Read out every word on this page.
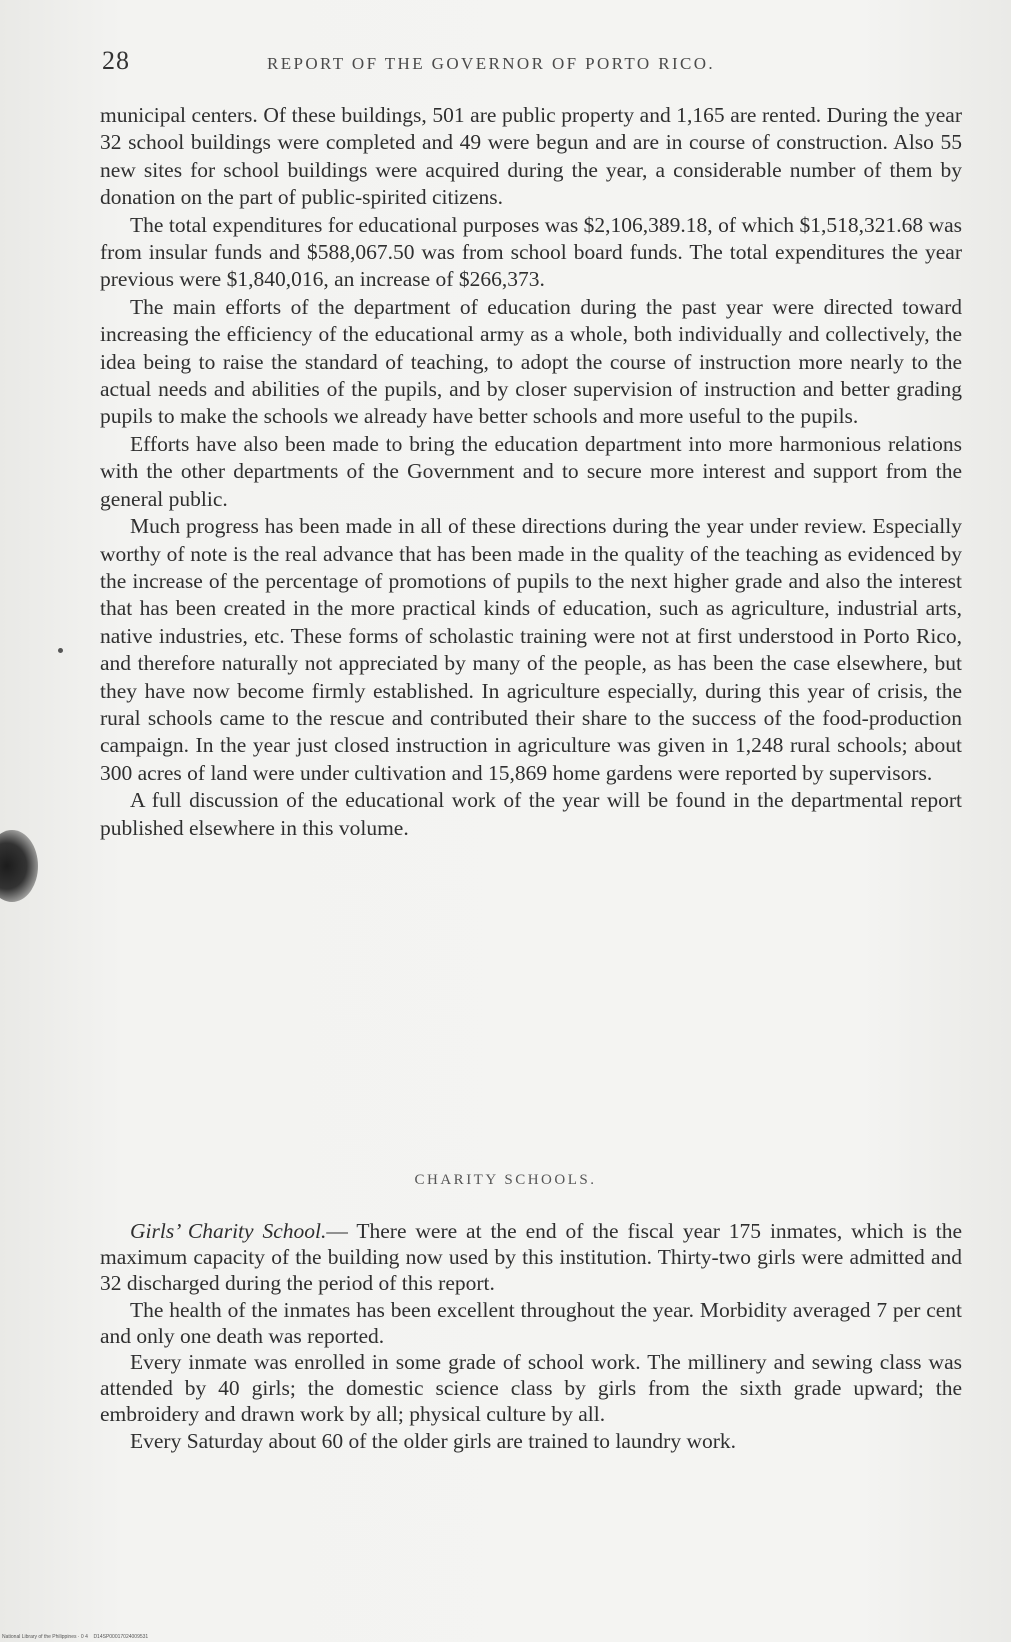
28	REPORT OF THE GOVERNOR OF PORTO RICO.

municipal centers. Of these buildings, 501 are public property and 1,165 are rented. During the year 32 school buildings were completed and 49 were begun and are in course of construction. Also 55 new sites for school buildings were acquired during the year, a considerable number of them by donation on the part of public-spirited citizens.

The total expenditures for educational purposes was $2,106,389.18, of which $1,518,321.68 was from insular funds and $588,067.50 was from school board funds. The total expenditures the year previous were $1,840,016, an increase of $266,373.

The main efforts of the department of education during the past year were directed toward increasing the efficiency of the educational army as a whole, both individually and collectively, the idea being to raise the standard of teaching, to adopt the course of instruction more nearly to the actual needs and abilities of the pupils, and by closer supervision of instruction and better grading pupils to make the schools we already have better schools and more useful to the pupils.

Efforts have also been made to bring the education department into more harmonious relations with the other departments of the Government and to secure more interest and support from the general public.

Much progress has been made in all of these directions during the year under review. Especially worthy of note is the real advance that has been made in the quality of the teaching as evidenced by the increase of the percentage of promotions of pupils to the next higher grade and also the interest that has been created in the more practical kinds of education, such as agriculture, industrial arts, native industries, etc. These forms of scholastic training were not at first understood in Porto Rico, and therefore naturally not appreciated by many of the people, as has been the case elsewhere, but they have now become firmly established. In agriculture especially, during this year of crisis, the rural schools came to the rescue and contributed their share to the success of the food-production campaign. In the year just closed instruction in agriculture was given in 1,248 rural schools; about 300 acres of land were under cultivation and 15,869 home gardens were reported by supervisors.

A full discussion of the educational work of the year will be found in the departmental report published elsewhere in this volume.

CHARITY SCHOOLS.

Girls’ Charity School.— There were at the end of the fiscal year 175 inmates, which is the maximum capacity of the building now used by this institution. Thirty-two girls were admitted and 32 discharged during the period of this report.

The health of the inmates has been excellent throughout the year. Morbidity averaged 7 per cent and only one death was reported.

Every inmate was enrolled in some grade of school work. The millinery and sewing class was attended by 40 girls; the domestic science class by girls from the sixth grade upward; the embroidery and drawn work by all; physical culture by all.

Every Saturday about 60 of the older girls are trained to laundry work.

National Library of the Philippines · 0 4    D14SP00017024009531
